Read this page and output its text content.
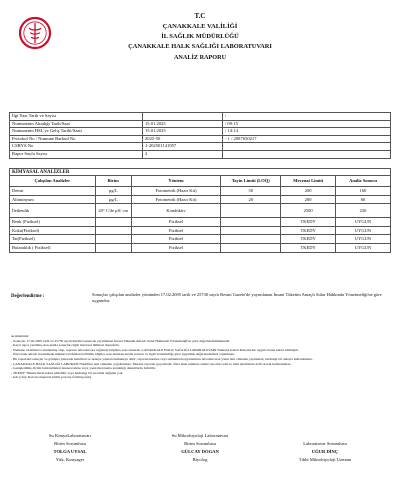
T.C
ÇANAKKALE VALİLİĞİ
İL SAĞLIK MÜDÜRLÜĞÜ
ÇANAKKALE HALK SAĞLIĞI LABORATUVARI
ANALİZ RAPORU
İlgi Yazı Tarih ve Sayısı		/
Numunenin Alındığı Tarih/Saat	15.01.2025	/ 09:15
Numunenin HSL'ye Geliş Tarihi/Saati	15.01.2025	/ 14:14
Protokol No / Numune Barkod No	2025-50	- 1 / 2087650217
CSBYS.No	1-202501141957	
Rapor Sayfa Sayısı	2	
KİMYASAL ANALİZLER
Çalışılan Analizler	Birim	Yöntem	Tayin Limiti (LOQ)	Mevzuat Limiti	Analiz Sonucu
Demir	µg/L	Fotometrik (Hazır Kit)	50	200	160
Alüminyum	µg/L	Fotometrik (Hazır Kit)	20	200	60
İletkenlik	20° C'de µS/ cm	Kondüktiv		2500	230
Renk (Fiziksel)		Fiziksel		TKEDY	UYGUN
Koku(Fiziksel)		Fiziksel		TKEDY	UYGUN
Tat(Fiziksel)		Fiziksel		TKEDY	UYGUN
Bulanıklık ( Fiziksel)		Fiziksel		TKEDY	UYGUN
Değerlendirme :	Sonuçlar çalışılan analizler yönünden 17.02.2005 tarih ve 25730 sayılı Resmi Gazete'de yayımlanan İnsani Tüketim Amaçlı Sular Hakkında Yönetmeliği'ne göre uygundur.
Açıklamalar:
- Sonuçlar 17.02.2005 tarih ve 25730 sayılı Resmi Gazete'de yayımlanan İnsani Tüketim Amaçlı Sular Hakkında Yönetmeliği'ne göre değerlendirilmektedir.
- Kayıt rapor yazılmış olan analiz sonuçları ilgili mevzuat limitleri dışındadır.
- Numune tarafımızca alınmamış olup, raporun laboratuvara sağlanan bilgilere esas alınarak, ÇANAKKALE HALK SAĞLIĞI LABORATUVARI Numune Kabul Kriterlerine uygun olarak kabul edilmiştir.
- Özel istek amaçlı incelemede müşteri tarafından belirtilen bilgiler esas alınarak analiz sonucu ve ilgili yönetmeliğe göre uygunluk değerlendirmesi yapılmıştır.
- Bu raporlaki sonuçlar ve görüşler yukarıda belirtilen ve deneye yapılan numuneye aittir; raporun kısmen veya tamamen kopyalanması laboratuvarın yazılı izni olmadan yapılamaz; herhangi bir amaçla kullanılamaz.
- ÇANAKKALE HALK SAĞLIĞI LABORATUVARI'nın izni olmadan çoğaltılamaz. İmzasız raporlar geçersizdir. Özel istek numune analiz raporları adli ve idari işlemlerde delil olarak kullanılamaz.
- Genişletilmiş ölçüm belirsizlikleri istenen talebe veya yasal mevzuatta aranıldığı durumlarda belirtilir.
- TKEDY: Tüketicilerin kabul edilebilir veya herhangi bir anormal değişim yok.
- kob (cfu): Koloni oluşturan birim (colony forming unit)
Su KimyaLaboratuvarı
Birim Sorumlusu
TOLGA UYSAL
Yük. Kimyager
Su Mikrobiyoloji Laboratuvarı
Birim Sorumlusu
GÜLCAY DOGAN
Biyolog

Laboratuvar Sorumlusu
UĞUR DİNÇ
Tıbbi Mikrobiyoloji Uzmanı
